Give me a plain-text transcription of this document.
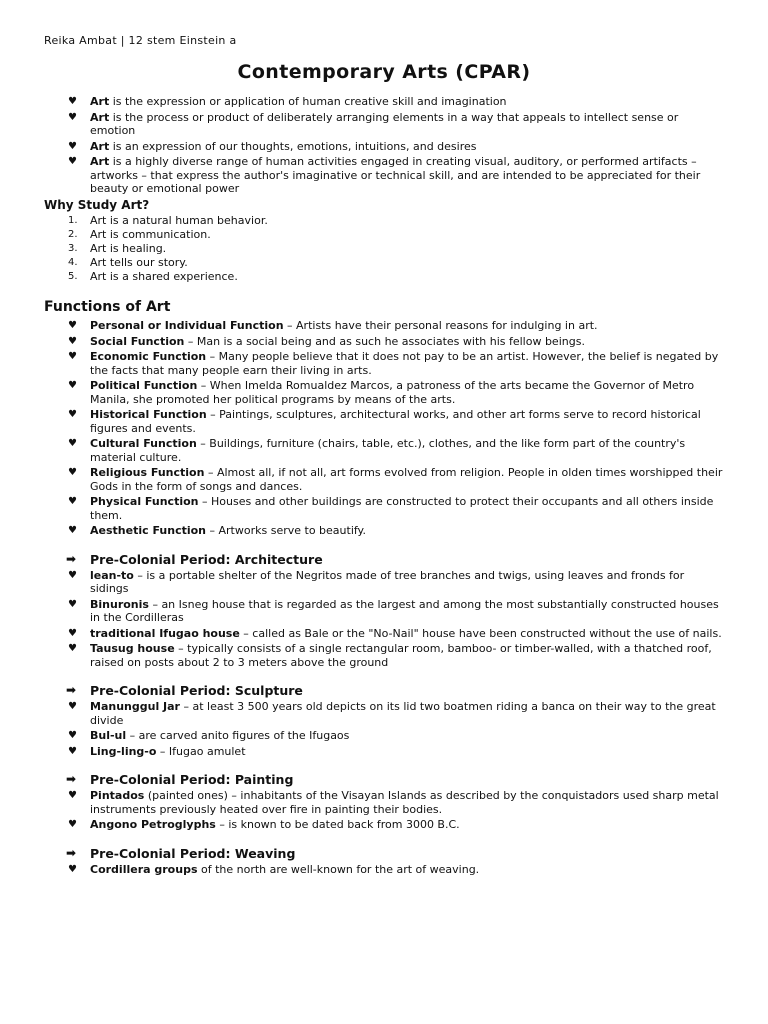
Reika Ambat | 12 stem Einstein a
Contemporary Arts (CPAR)
♥ Art is the expression or application of human creative skill and imagination
♥ Art is the process or product of deliberately arranging elements in a way that appeals to intellect sense or emotion
♥ Art is an expression of our thoughts, emotions, intuitions, and desires
♥ Art is a highly diverse range of human activities engaged in creating visual, auditory, or performed artifacts – artworks – that express the author's imaginative or technical skill, and are intended to be appreciated for their beauty or emotional power
Why Study Art?
1. Art is a natural human behavior.
2. Art is communication.
3. Art is healing.
4. Art tells our story.
5. Art is a shared experience.
Functions of Art
♥ Personal or Individual Function – Artists have their personal reasons for indulging in art.
♥ Social Function – Man is a social being and as such he associates with his fellow beings.
♥ Economic Function – Many people believe that it does not pay to be an artist. However, the belief is negated by the facts that many people earn their living in arts.
♥ Political Function – When Imelda Romualdez Marcos, a patroness of the arts became the Governor of Metro Manila, she promoted her political programs by means of the arts.
♥ Historical Function – Paintings, sculptures, architectural works, and other art forms serve to record historical figures and events.
♥ Cultural Function – Buildings, furniture (chairs, table, etc.), clothes, and the like form part of the country's material culture.
♥ Religious Function – Almost all, if not all, art forms evolved from religion. People in olden times worshipped their Gods in the form of songs and dances.
♥ Physical Function – Houses and other buildings are constructed to protect their occupants and all others inside them.
♥ Aesthetic Function – Artworks serve to beautify.
➡ Pre-Colonial Period: Architecture
♥ lean-to – is a portable shelter of the Negritos made of tree branches and twigs, using leaves and fronds for sidings
♥ Binuronis – an Isneg house that is regarded as the largest and among the most substantially constructed houses in the Cordilleras
♥ traditional Ifugao house – called as Bale or the "No-Nail" house have been constructed without the use of nails.
♥ Tausug house – typically consists of a single rectangular room, bamboo- or timber-walled, with a thatched roof, raised on posts about 2 to 3 meters above the ground
➡ Pre-Colonial Period: Sculpture
♥ Manunggul Jar – at least 3 500 years old depicts on its lid two boatmen riding a banca on their way to the great divide
♥ Bul-ul – are carved anito figures of the Ifugaos
♥ Ling-ling-o – Ifugao amulet
➡ Pre-Colonial Period: Painting
♥ Pintados (painted ones) – inhabitants of the Visayan Islands as described by the conquistadors used sharp metal instruments previously heated over fire in painting their bodies.
♥ Angono Petroglyphs – is known to be dated back from 3000 B.C.
➡ Pre-Colonial Period: Weaving
♥ Cordillera groups of the north are well-known for the art of weaving.
